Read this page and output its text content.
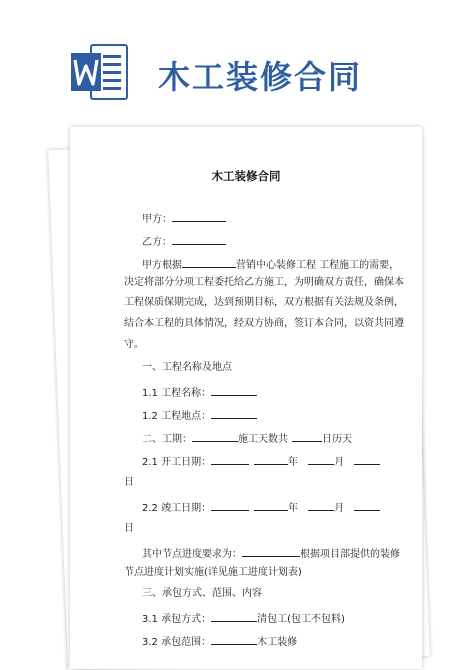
木工装修合同
木工装修合同
甲方：
乙方：
甲方根据	营销中心装修工程 工程施工的需要，
决定将部分分项工程委托给乙方施工，为明确双方责任，确保本
工程保质保期完成，达到预期目标，双方根据有关法规及条例，
结合本工程的具体情况，经双方协商，签订本合同，以资共同遵
守。
一、工程名称及地点
1.1 工程名称：
1.2 工程地点：
二、工期：	施工天数共	日历天
2.1 开工日期：	年	月
日
2.2 竣工日期：	年	月
日
其中节点进度要求为：	根据项目部提供的装修
节点进度计划实施(详见施工进度计划表)
三、承包方式、范围、内容
3.1 承包方式：	清包工(包工不包料)
3.2 承包范围：	木工装修
